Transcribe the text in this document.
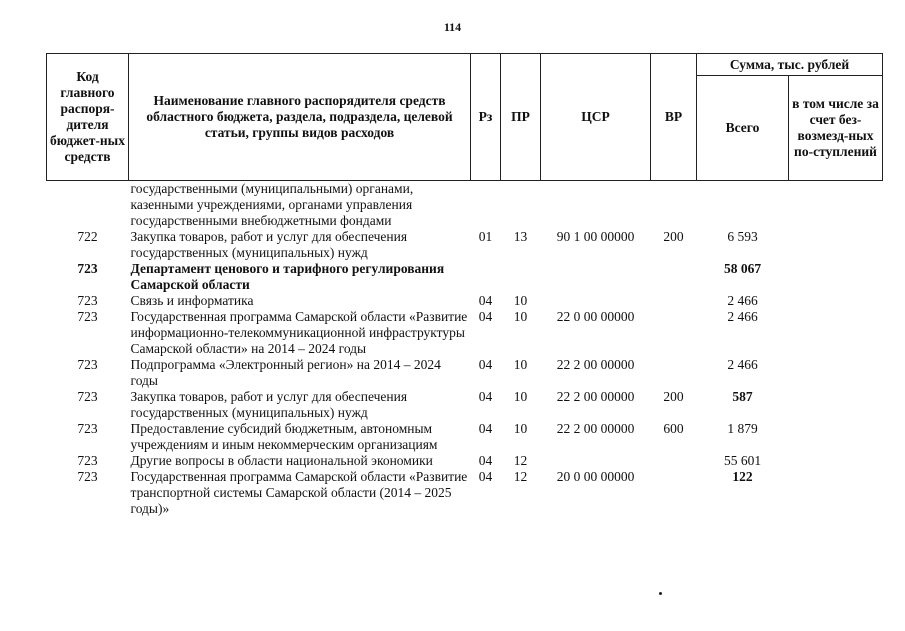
114
Код главного распоря-дителя бюджет-ных средств	Наименование главного распорядителя средств областного бюджета, раздела, подраздела, целевой статьи, группы видов расходов	Рз	ПР	ЦСР	ВР	Сумма, тыс. рублей	
						Всего	в том числе за счет без-возмезд-ных по-ступлений
	государственными (муниципальными) органами, казенными учреждениями, органами управления государственными внебюджетными фондами						
722	Закупка товаров, работ и услуг для обеспечения государственных (муниципальных) нужд	01	13	90 1 00 00000	200	6 593	
723	Департамент ценового и тарифного регулирования Самарской области					58 067	
723	Связь и информатика	04	10			2 466	
723	Государственная программа Самарской области «Развитие информационно-телекоммуникационной инфраструктуры Самарской области» на 2014 – 2024 годы	04	10	22 0 00 00000		2 466	
723	Подпрограмма «Электронный регион» на 2014 – 2024 годы	04	10	22 2 00 00000		2 466	
723	Закупка товаров, работ и услуг для обеспечения государственных (муниципальных) нужд	04	10	22 2 00 00000	200	587	
723	Предоставление субсидий бюджетным, автономным учреждениям и иным некоммерческим организациям	04	10	22 2 00 00000	600	1 879	
723	Другие вопросы в области национальной экономики	04	12			55 601	
723	Государственная программа Самарской области «Развитие транспортной системы Самарской области (2014 – 2025 годы)»	04	12	20 0 00 00000		122	
